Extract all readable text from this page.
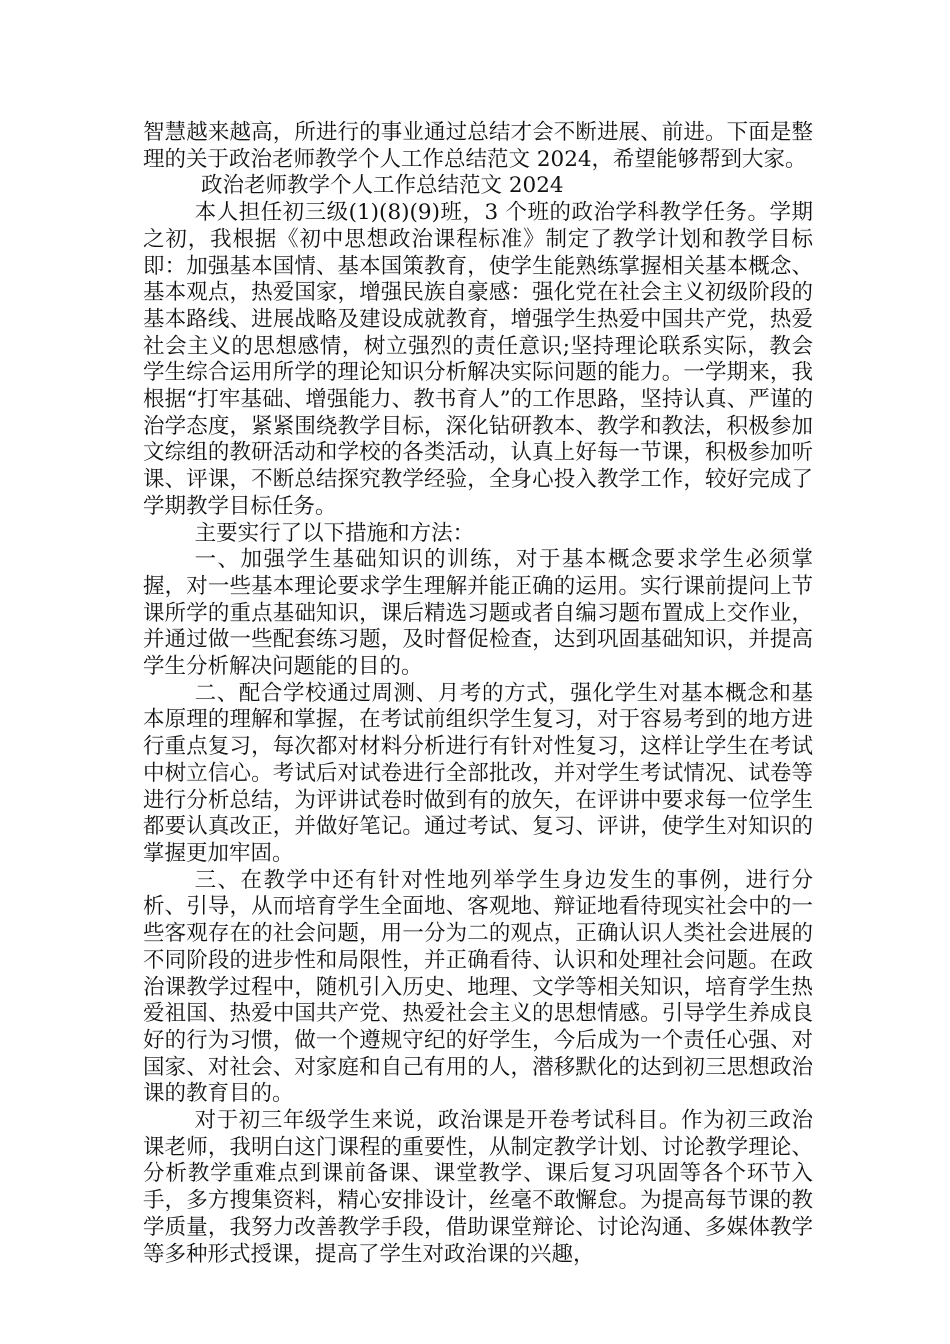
智慧越来越高，所进行的事业通过总结才会不断进展、前进。下面是整理的关于政治老师教学个人工作总结范文 2024，希望能够帮到大家。

政治老师教学个人工作总结范文 2024

本人担任初三级(1)(8)(9)班，3 个班的政治学科教学任务。学期之初，我根据《初中思想政治课程标准》制定了教学计划和教学目标即：加强基本国情、基本国策教育，使学生能熟练掌握相关基本概念、基本观点，热爱国家，增强民族自豪感：强化党在社会主义初级阶段的基本路线、进展战略及建设成就教育，增强学生热爱中国共产党，热爱社会主义的思想感情，树立强烈的责任意识;坚持理论联系实际，教会学生综合运用所学的理论知识分析解决实际问题的能力。一学期来，我根据“打牢基础、增强能力、教书育人”的工作思路，坚持认真、严谨的治学态度，紧紧围绕教学目标，深化钻研教本、教学和教法，积极参加文综组的教研活动和学校的各类活动，认真上好每一节课，积极参加听课、评课，不断总结探究教学经验，全身心投入教学工作，较好完成了学期教学目标任务。

主要实行了以下措施和方法：

一、加强学生基础知识的训练，对于基本概念要求学生必须掌握，对一些基本理论要求学生理解并能正确的运用。实行课前提问上节课所学的重点基础知识，课后精选习题或者自编习题布置成上交作业，并通过做一些配套练习题，及时督促检查，达到巩固基础知识，并提高学生分析解决问题能的目的。

二、配合学校通过周测、月考的方式，强化学生对基本概念和基本原理的理解和掌握，在考试前组织学生复习，对于容易考到的地方进行重点复习，每次都对材料分析进行有针对性复习，这样让学生在考试中树立信心。考试后对试卷进行全部批改，并对学生考试情况、试卷等进行分析总结，为评讲试卷时做到有的放矢，在评讲中要求每一位学生都要认真改正，并做好笔记。通过考试、复习、评讲，使学生对知识的掌握更加牢固。

三、在教学中还有针对性地列举学生身边发生的事例，进行分析、引导，从而培育学生全面地、客观地、辩证地看待现实社会中的一些客观存在的社会问题，用一分为二的观点，正确认识人类社会进展的不同阶段的进步性和局限性，并正确看待、认识和处理社会问题。在政治课教学过程中，随机引入历史、地理、文学等相关知识，培育学生热爱祖国、热爱中国共产党、热爱社会主义的思想情感。引导学生养成良好的行为习惯，做一个遵规守纪的好学生，今后成为一个责任心强、对国家、对社会、对家庭和自己有用的人，潜移默化的达到初三思想政治课的教育目的。

对于初三年级学生来说，政治课是开卷考试科目。作为初三政治课老师，我明白这门课程的重要性，从制定教学计划、讨论教学理论、分析教学重难点到课前备课、课堂教学、课后复习巩固等各个环节入手，多方搜集资料，精心安排设计，丝毫不敢懈怠。为提高每节课的教学质量，我努力改善教学手段，借助课堂辩论、讨论沟通、多媒体教学等多种形式授课，提高了学生对政治课的兴趣，
